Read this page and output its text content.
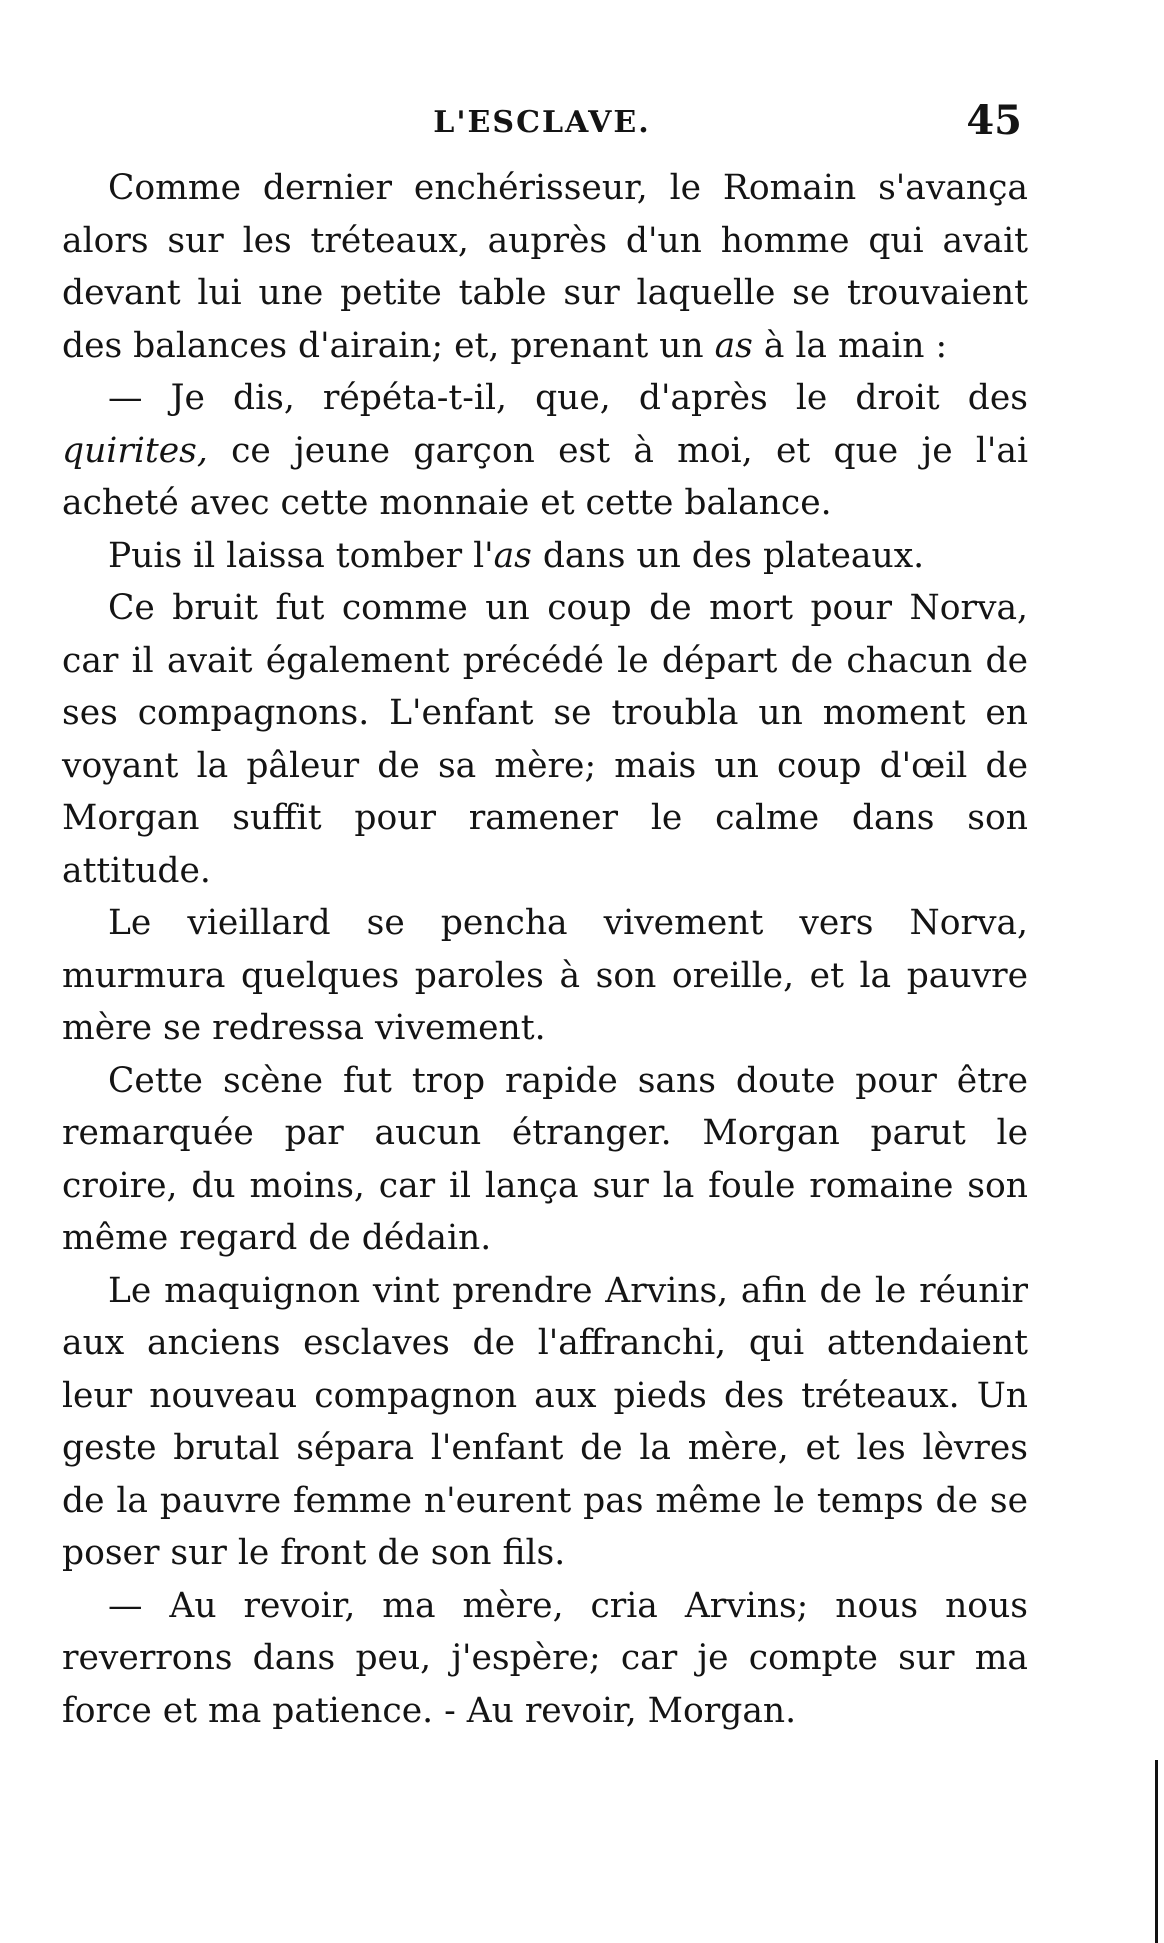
L'ESCLAVE.	45

Comme dernier enchérisseur, le Romain s'avança alors sur les tréteaux, auprès d'un homme qui avait devant lui une petite table sur laquelle se trouvaient des balances d'airain; et, prenant un as à la main :

— Je dis, répéta-t-il, que, d'après le droit des quirites, ce jeune garçon est à moi, et que je l'ai acheté avec cette monnaie et cette balance.

Puis il laissa tomber l'as dans un des plateaux.

Ce bruit fut comme un coup de mort pour Norva, car il avait également précédé le départ de chacun de ses compagnons. L'enfant se troubla un moment en voyant la pâleur de sa mère; mais un coup d'œil de Morgan suffit pour ramener le calme dans son attitude.

Le vieillard se pencha vivement vers Norva, murmura quelques paroles à son oreille, et la pauvre mère se redressa vivement.

Cette scène fut trop rapide sans doute pour être remarquée par aucun étranger. Morgan parut le croire, du moins, car il lança sur la foule romaine son même regard de dédain.

Le maquignon vint prendre Arvins, afin de le réunir aux anciens esclaves de l'affranchi, qui attendaient leur nouveau compagnon aux pieds des tréteaux. Un geste brutal sépara l'enfant de la mère, et les lèvres de la pauvre femme n'eurent pas même le temps de se poser sur le front de son fils.

— Au revoir, ma mère, cria Arvins; nous nous reverrons dans peu, j'espère; car je compte sur ma force et ma patience. - Au revoir, Morgan.
